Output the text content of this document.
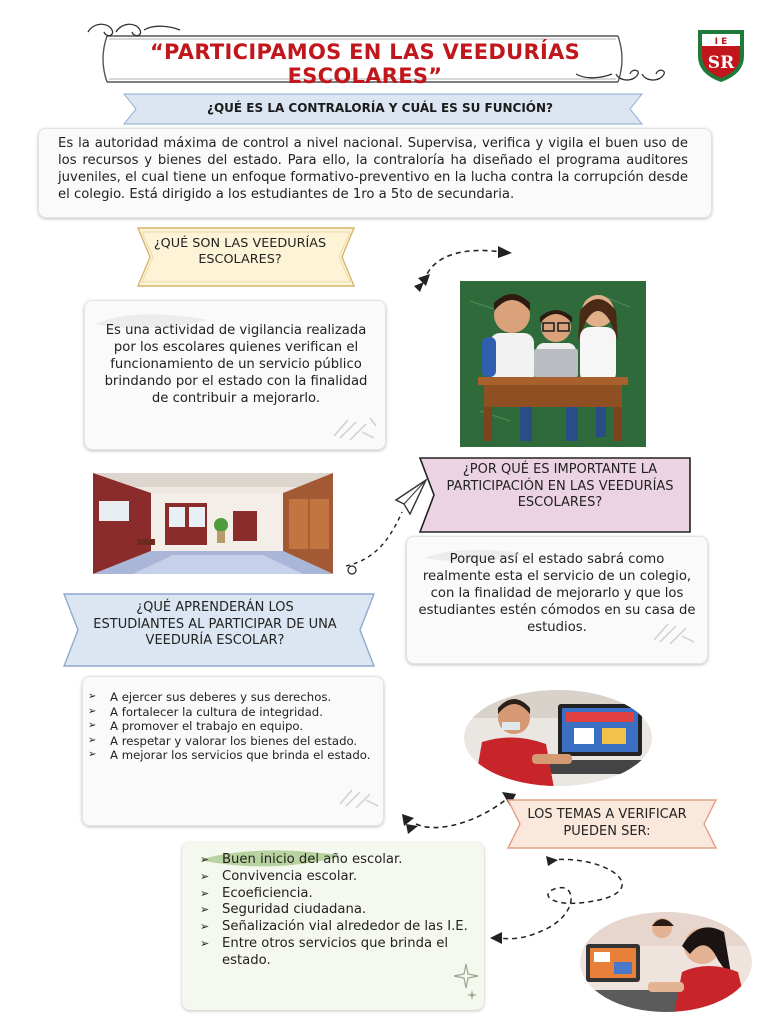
“PARTICIPAMOS EN LAS VEEDURÍAS ESCOLARES”
I E
SR
¿QUÉ ES LA CONTRALORÍA Y CUÁL ES SU FUNCIÓN?
Es la autoridad máxima de control a nivel nacional. Supervisa, verifica y vigila el buen uso de los recursos y bienes del estado. Para ello, la contraloría ha diseñado el programa auditores juveniles, el cual tiene un enfoque formativo-preventivo en la lucha contra la corrupción desde el colegio. Está dirigido a los estudiantes de 1ro a 5to de secundaria.
¿QUÉ SON LAS VEEDURÍAS ESCOLARES?
Es una actividad de vigilancia realizada por los escolares quienes verifican el funcionamiento de un servicio público brindando por el estado con la finalidad de contribuir a mejorarlo.
¿POR QUÉ ES IMPORTANTE LA PARTICIPACIÓN EN LAS VEEDURÍAS ESCOLARES?
Porque así el estado sabrá como realmente esta el servicio de un colegio, con la finalidad de mejorarlo y que los estudiantes estén cómodos en su casa de estudios.
¿QUÉ APRENDERÁN LOS ESTUDIANTES AL PARTICIPAR DE UNA VEEDURÍA ESCOLAR?
➢ A ejercer sus deberes y sus derechos.
➢ A fortalecer la cultura de integridad.
➢ A promover el trabajo en equipo.
➢ A respetar y valorar los bienes del estado.
➢ A mejorar los servicios que brinda el estado.
LOS TEMAS A VERIFICAR PUEDEN SER:
➢ Buen inicio del año escolar.
➢ Convivencia escolar.
➢ Ecoeficiencia.
➢ Seguridad ciudadana.
➢ Señalización vial alrededor de las I.E.
➢ Entre otros servicios que brinda el estado.
